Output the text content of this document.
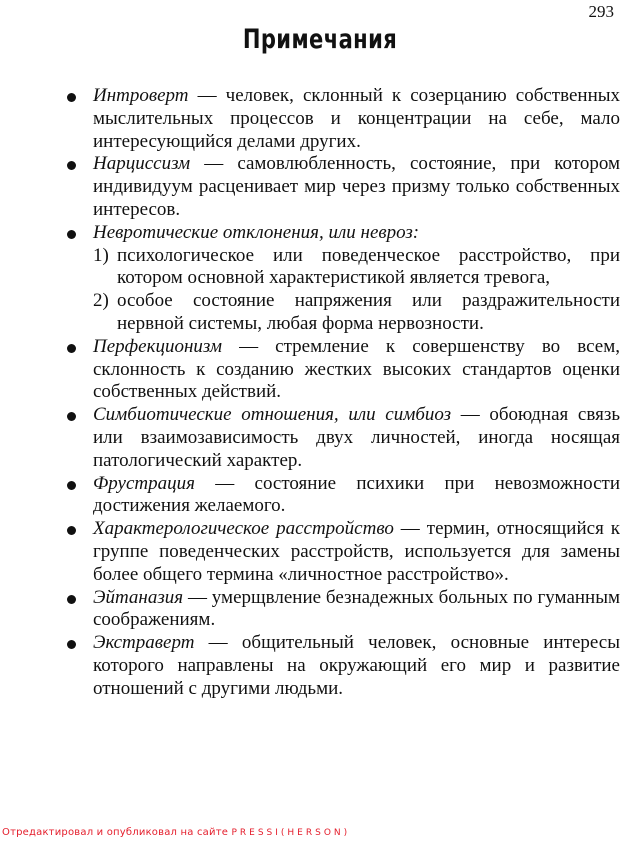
293
Примечания
Интроверт — человек, склонный к созерцанию собственных мыслительных процессов и концентрации на себе, мало интересующийся делами других.
Нарциссизм — самовлюбленность, состояние, при котором индивидуум расценивает мир через призму только собственных интересов.
Невротические отклонения, или невроз:
1) психологическое или поведенческое расстройство, при котором основной характеристикой является тревога,
2) особое состояние напряжения или раздражительности нервной системы, любая форма нервозности.
Перфекционизм — стремление к совершенству во всем, склонность к созданию жестких высоких стандартов оценки собственных действий.
Симбиотические отношения, или симбиоз — обоюдная связь или взаимозависимость двух личностей, иногда носящая патологический характер.
Фрустрация — состояние психики при невозможности достижения желаемого.
Характерологическое расстройство — термин, относящийся к группе поведенческих расстройств, используется для замены более общего термина «личностное расстройство».
Эйтаназия — умерщвление безнадежных больных по гуманным соображениям.
Экстраверт — общительный человек, основные интересы которого направлены на окружающий его мир и развитие отношений с другими людьми.
Отредактировал и опубликовал на сайте PRESSI(HERSON)
